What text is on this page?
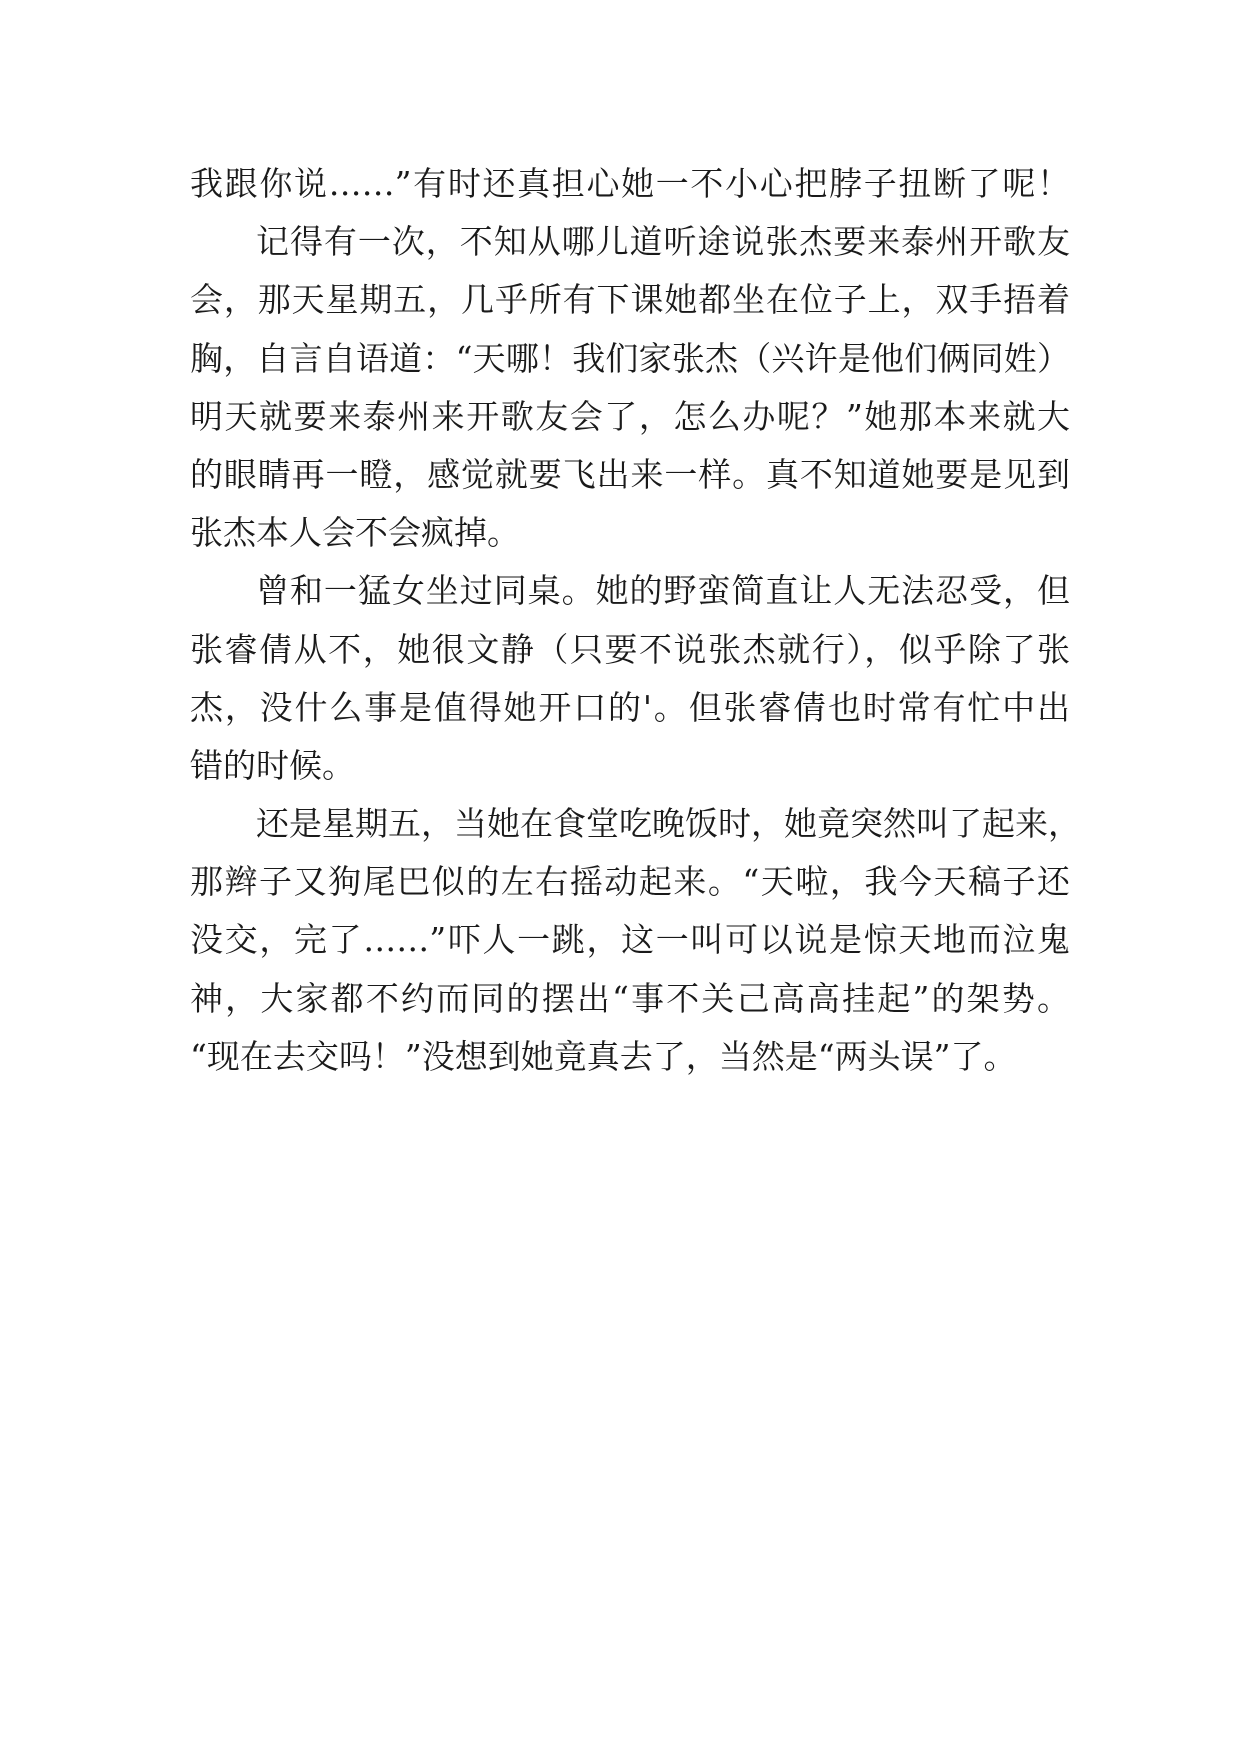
我跟你说……”有时还真担心她一不小心把脖子扭断了呢！
记得有一次，不知从哪儿道听途说张杰要来泰州开歌友
会，那天星期五，几乎所有下课她都坐在位子上，双手捂着
胸，自言自语道：“天哪！我们家张杰（兴许是他们俩同姓）
明天就要来泰州来开歌友会了，怎么办呢？”她那本来就大
的眼睛再一瞪，感觉就要飞出来一样。真不知道她要是见到
张杰本人会不会疯掉。
曾和一猛女坐过同桌。她的野蛮简直让人无法忍受，但
张睿倩从不，她很文静（只要不说张杰就行），似乎除了张
杰，没什么事是值得她开口的'。但张睿倩也时常有忙中出
错的时候。
还是星期五，当她在食堂吃晚饭时，她竟突然叫了起来，
那辫子又狗尾巴似的左右摇动起来。“天啦，我今天稿子还
没交，完了……”吓人一跳，这一叫可以说是惊天地而泣鬼
神，大家都不约而同的摆出“事不关己高高挂起”的架势。
“现在去交吗！”没想到她竟真去了，当然是“两头误”了。
